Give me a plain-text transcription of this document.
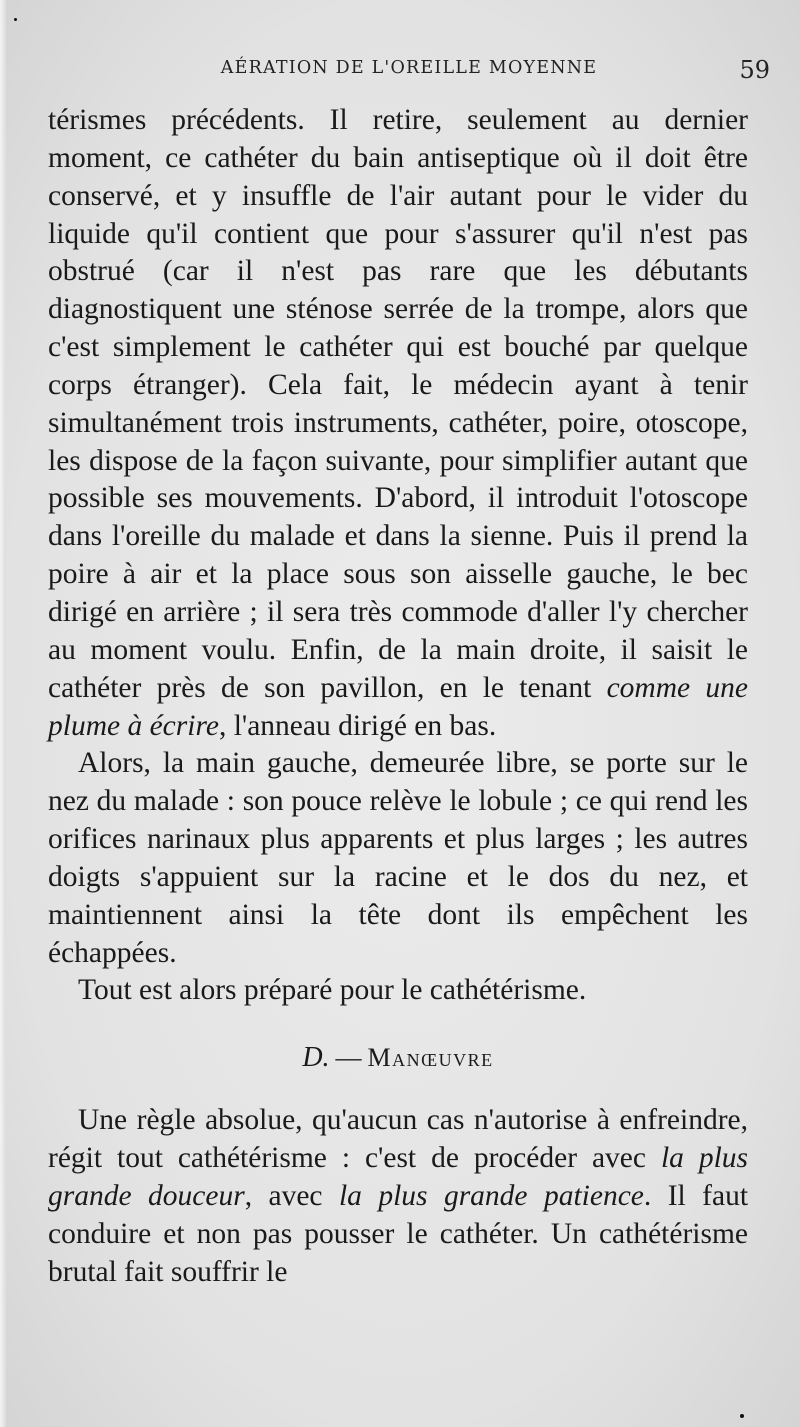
AÉRATION DE L'OREILLE MOYENNE	59

térismes précédents. Il retire, seulement au dernier moment, ce cathéter du bain antiseptique où il doit être conservé, et y insuffle de l'air autant pour le vider du liquide qu'il contient que pour s'assurer qu'il n'est pas obstrué (car il n'est pas rare que les débutants diagnostiquent une sténose serrée de la trompe, alors que c'est simplement le cathéter qui est bouché par quelque corps étranger). Cela fait, le médecin ayant à tenir simultanément trois instruments, cathéter, poire, otoscope, les dispose de la façon suivante, pour simplifier autant que possible ses mouvements. D'abord, il introduit l'otoscope dans l'oreille du malade et dans la sienne. Puis il prend la poire à air et la place sous son aisselle gauche, le bec dirigé en arrière ; il sera très commode d'aller l'y chercher au moment voulu. Enfin, de la main droite, il saisit le cathéter près de son pavillon, en le tenant comme une plume à écrire, l'anneau dirigé en bas.

Alors, la main gauche, demeurée libre, se porte sur le nez du malade : son pouce relève le lobule ; ce qui rend les orifices narinaux plus apparents et plus larges ; les autres doigts s'appuient sur la racine et le dos du nez, et maintiennent ainsi la tête dont ils empêchent les échappées.

Tout est alors préparé pour le cathétérisme.

D. — Manœuvre

Une règle absolue, qu'aucun cas n'autorise à enfreindre, régit tout cathétérisme : c'est de procéder avec la plus grande douceur, avec la plus grande patience. Il faut conduire et non pas pousser le cathéter. Un cathétérisme brutal fait souffrir le
